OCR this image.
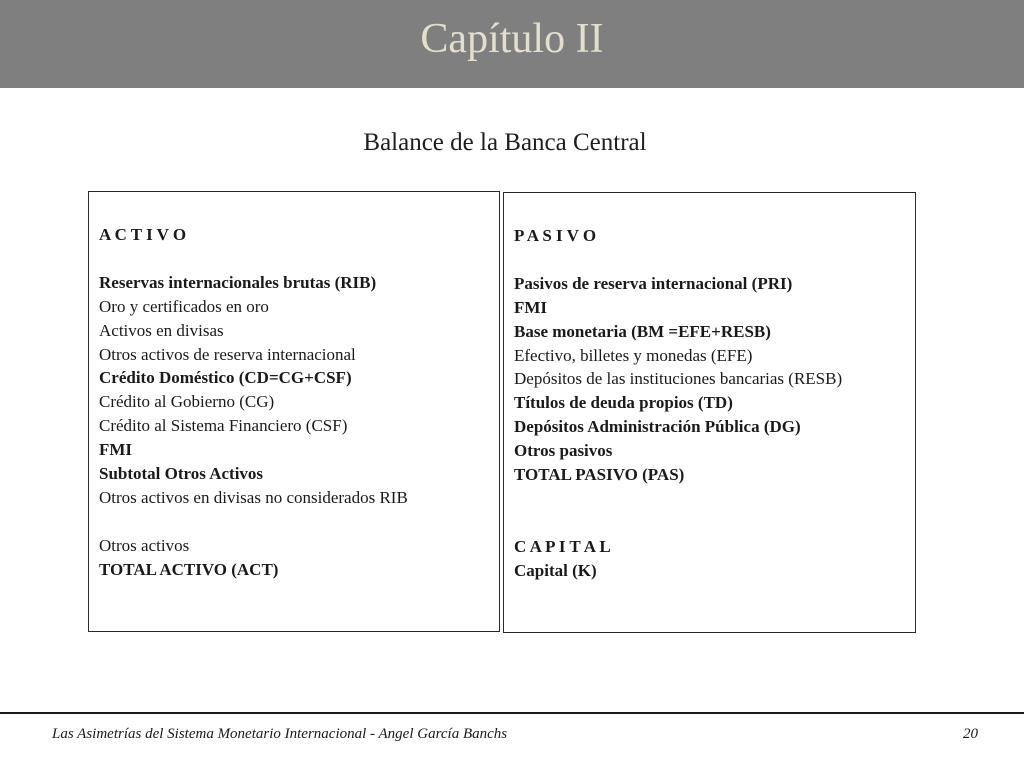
Capítulo II
Balance de la Banca Central
A C T I V O
Reservas internacionales brutas (RIB)
Oro y certificados en oro
Activos en divisas
Otros activos de reserva internacional
Crédito Doméstico (CD=CG+CSF)
Crédito al Gobierno (CG)
Crédito al Sistema Financiero (CSF)
FMI
Subtotal Otros Activos
Otros activos en divisas no considerados RIB
Otros activos
TOTAL ACTIVO (ACT)
P A S I V O
Pasivos de reserva internacional (PRI)
FMI
Base monetaria (BM =EFE+RESB)
Efectivo, billetes y monedas (EFE)
Depósitos de las instituciones bancarias (RESB)
Títulos de deuda propios (TD)
Depósitos Administración Pública (DG)
Otros pasivos
TOTAL PASIVO (PAS)
C A P I T A L
Capital (K)
Las Asimetrías del Sistema Monetario Internacional - Angel García Banchs	20
